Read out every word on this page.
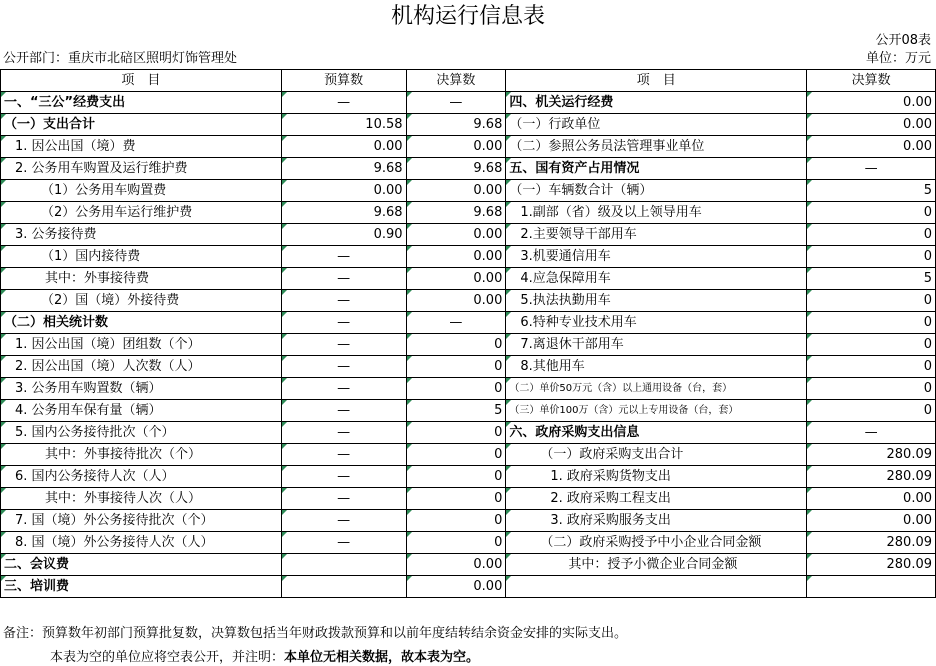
机构运行信息表
公开08表
公开部门：重庆市北碚区照明灯饰管理处	单位：万元
项　目	预算数	决算数	项　目	决算数
一、“三公”经费支出	—	—	四、机关运行经费	0.00
（一）支出合计	10.58	9.68	（一）行政单位	0.00
1. 因公出国（境）费	0.00	0.00	（二）参照公务员法管理事业单位	0.00
2. 公务用车购置及运行维护费	9.68	9.68	五、国有资产占用情况	—
（1）公务用车购置费	0.00	0.00	（一）车辆数合计（辆）	5
（2）公务用车运行维护费	9.68	9.68	1.副部（省）级及以上领导用车	0
3. 公务接待费	0.90	0.00	2.主要领导干部用车	0
（1）国内接待费	—	0.00	3.机要通信用车	0
其中：外事接待费	—	0.00	4.应急保障用车	5
（2）国（境）外接待费	—	0.00	5.执法执勤用车	0
（二）相关统计数	—	—	6.特种专业技术用车	0
1. 因公出国（境）团组数（个）	—	0	7.离退休干部用车	0
2. 因公出国（境）人次数（人）	—	0	8.其他用车	0
3. 公务用车购置数（辆）	—	0	（二）单价50万元（含）以上通用设备（台，套）	0
4. 公务用车保有量（辆）	—	5	（三）单价100万（含）元以上专用设备（台，套）	0
5. 国内公务接待批次（个）	—	0	六、政府采购支出信息	—
其中：外事接待批次（个）	—	0	（一）政府采购支出合计	280.09
6. 国内公务接待人次（人）	—	0	1. 政府采购货物支出	280.09
其中：外事接待人次（人）	—	0	2. 政府采购工程支出	0.00
7. 国（境）外公务接待批次（个）	—	0	3. 政府采购服务支出	0.00
8. 国（境）外公务接待人次（人）	—	0	（二）政府采购授予中小企业合同金额	280.09
二、会议费		0.00	其中：授予小微企业合同金额	280.09
三、培训费		0.00		
备注：预算数年初部门预算批复数，决算数包括当年财政拨款预算和以前年度结转结余资金安排的实际支出。
本表为空的单位应将空表公开，并注明：本单位无相关数据，故本表为空。
